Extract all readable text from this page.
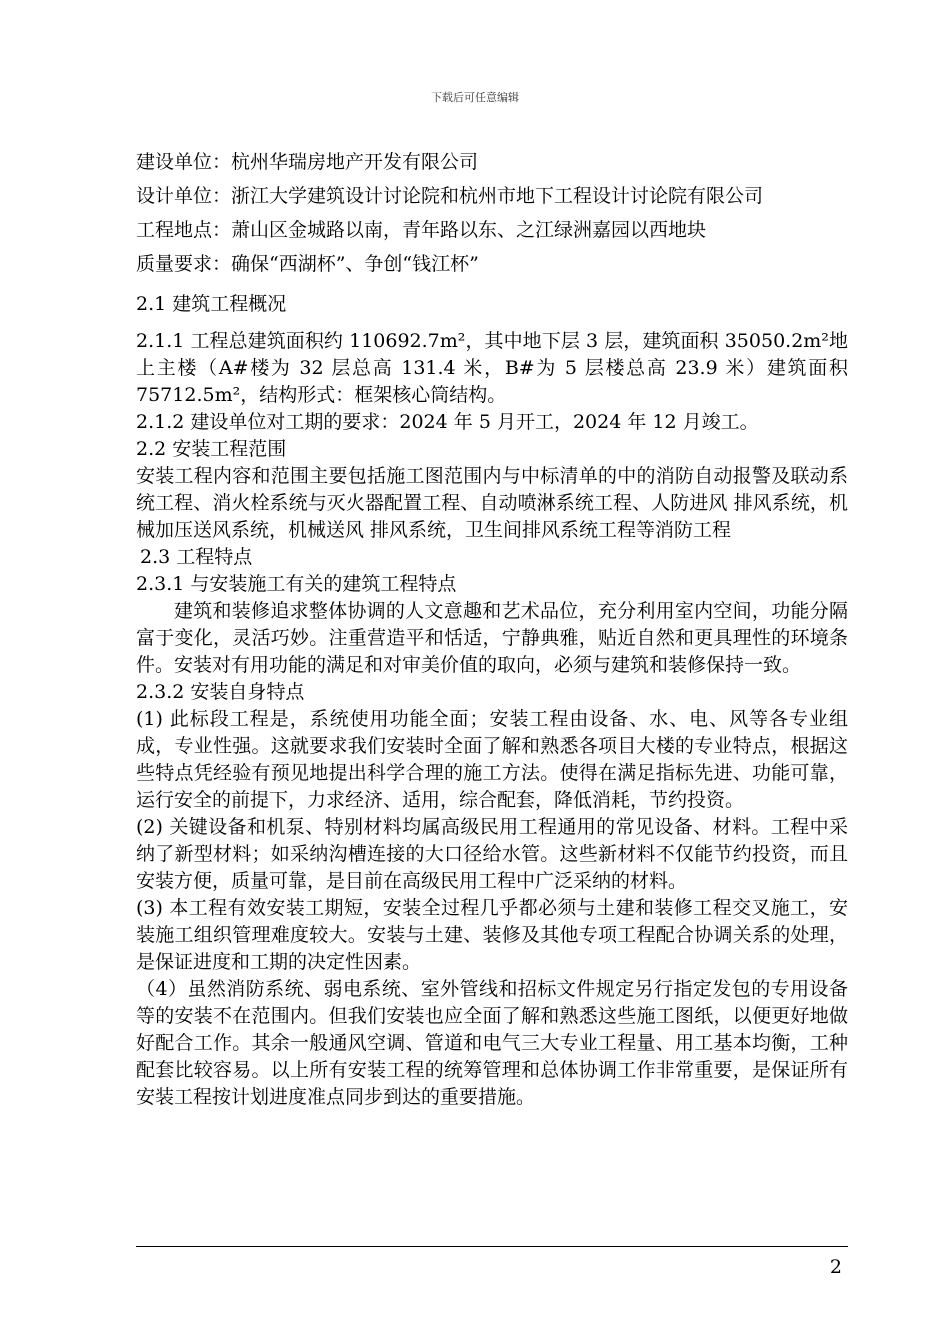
下载后可任意编辑

建设单位：杭州华瑞房地产开发有限公司

设计单位：浙江大学建筑设计讨论院和杭州市地下工程设计讨论院有限公司

工程地点：萧山区金城路以南，青年路以东、之江绿洲嘉园以西地块

质量要求：确保“西湖杯”、争创“钱江杯”

2.1 建筑工程概况

2.1.1 工程总建筑面积约 110692.7m²，其中地下层 3 层，建筑面积 35050.2m²地上主楼（A#楼为 32 层总高 131.4 米，B#为 5 层楼总高 23.9 米）建筑面积 75712.5m²，结构形式：框架核心筒结构。

2.1.2 建设单位对工期的要求：2024 年 5 月开工，2024 年 12 月竣工。

2.2 安装工程范围

安装工程内容和范围主要包括施工图范围内与中标清单的中的消防自动报警及联动系统工程、消火栓系统与灭火器配置工程、自动喷淋系统工程、人防进风 排风系统，机械加压送风系统，机械送风 排风系统，卫生间排风系统工程等消防工程

2.3 工程特点

2.3.1 与安装施工有关的建筑工程特点

建筑和装修追求整体协调的人文意趣和艺术品位，充分利用室内空间，功能分隔富于变化，灵活巧妙。注重营造平和恬适，宁静典雅，贴近自然和更具理性的环境条件。安装对有用功能的满足和对审美价值的取向，必须与建筑和装修保持一致。

2.3.2 安装自身特点

(1) 此标段工程是，系统使用功能全面；安装工程由设备、水、电、风等各专业组成，专业性强。这就要求我们安装时全面了解和熟悉各项目大楼的专业特点，根据这些特点凭经验有预见地提出科学合理的施工方法。使得在满足指标先进、功能可靠，运行安全的前提下，力求经济、适用，综合配套，降低消耗，节约投资。

(2) 关键设备和机泵、特别材料均属高级民用工程通用的常见设备、材料。工程中采纳了新型材料；如采纳沟槽连接的大口径给水管。这些新材料不仅能节约投资，而且安装方便，质量可靠，是目前在高级民用工程中广泛采纳的材料。

(3) 本工程有效安装工期短，安装全过程几乎都必须与土建和装修工程交叉施工，安装施工组织管理难度较大。安装与土建、装修及其他专项工程配合协调关系的处理，是保证进度和工期的决定性因素。

（4）虽然消防系统、弱电系统、室外管线和招标文件规定另行指定发包的专用设备等的安装不在范围内。但我们安装也应全面了解和熟悉这些施工图纸，以便更好地做好配合工作。其余一般通风空调、管道和电气三大专业工程量、用工基本均衡，工种配套比较容易。以上所有安装工程的统筹管理和总体协调工作非常重要，是保证所有安装工程按计划进度准点同步到达的重要措施。

2
